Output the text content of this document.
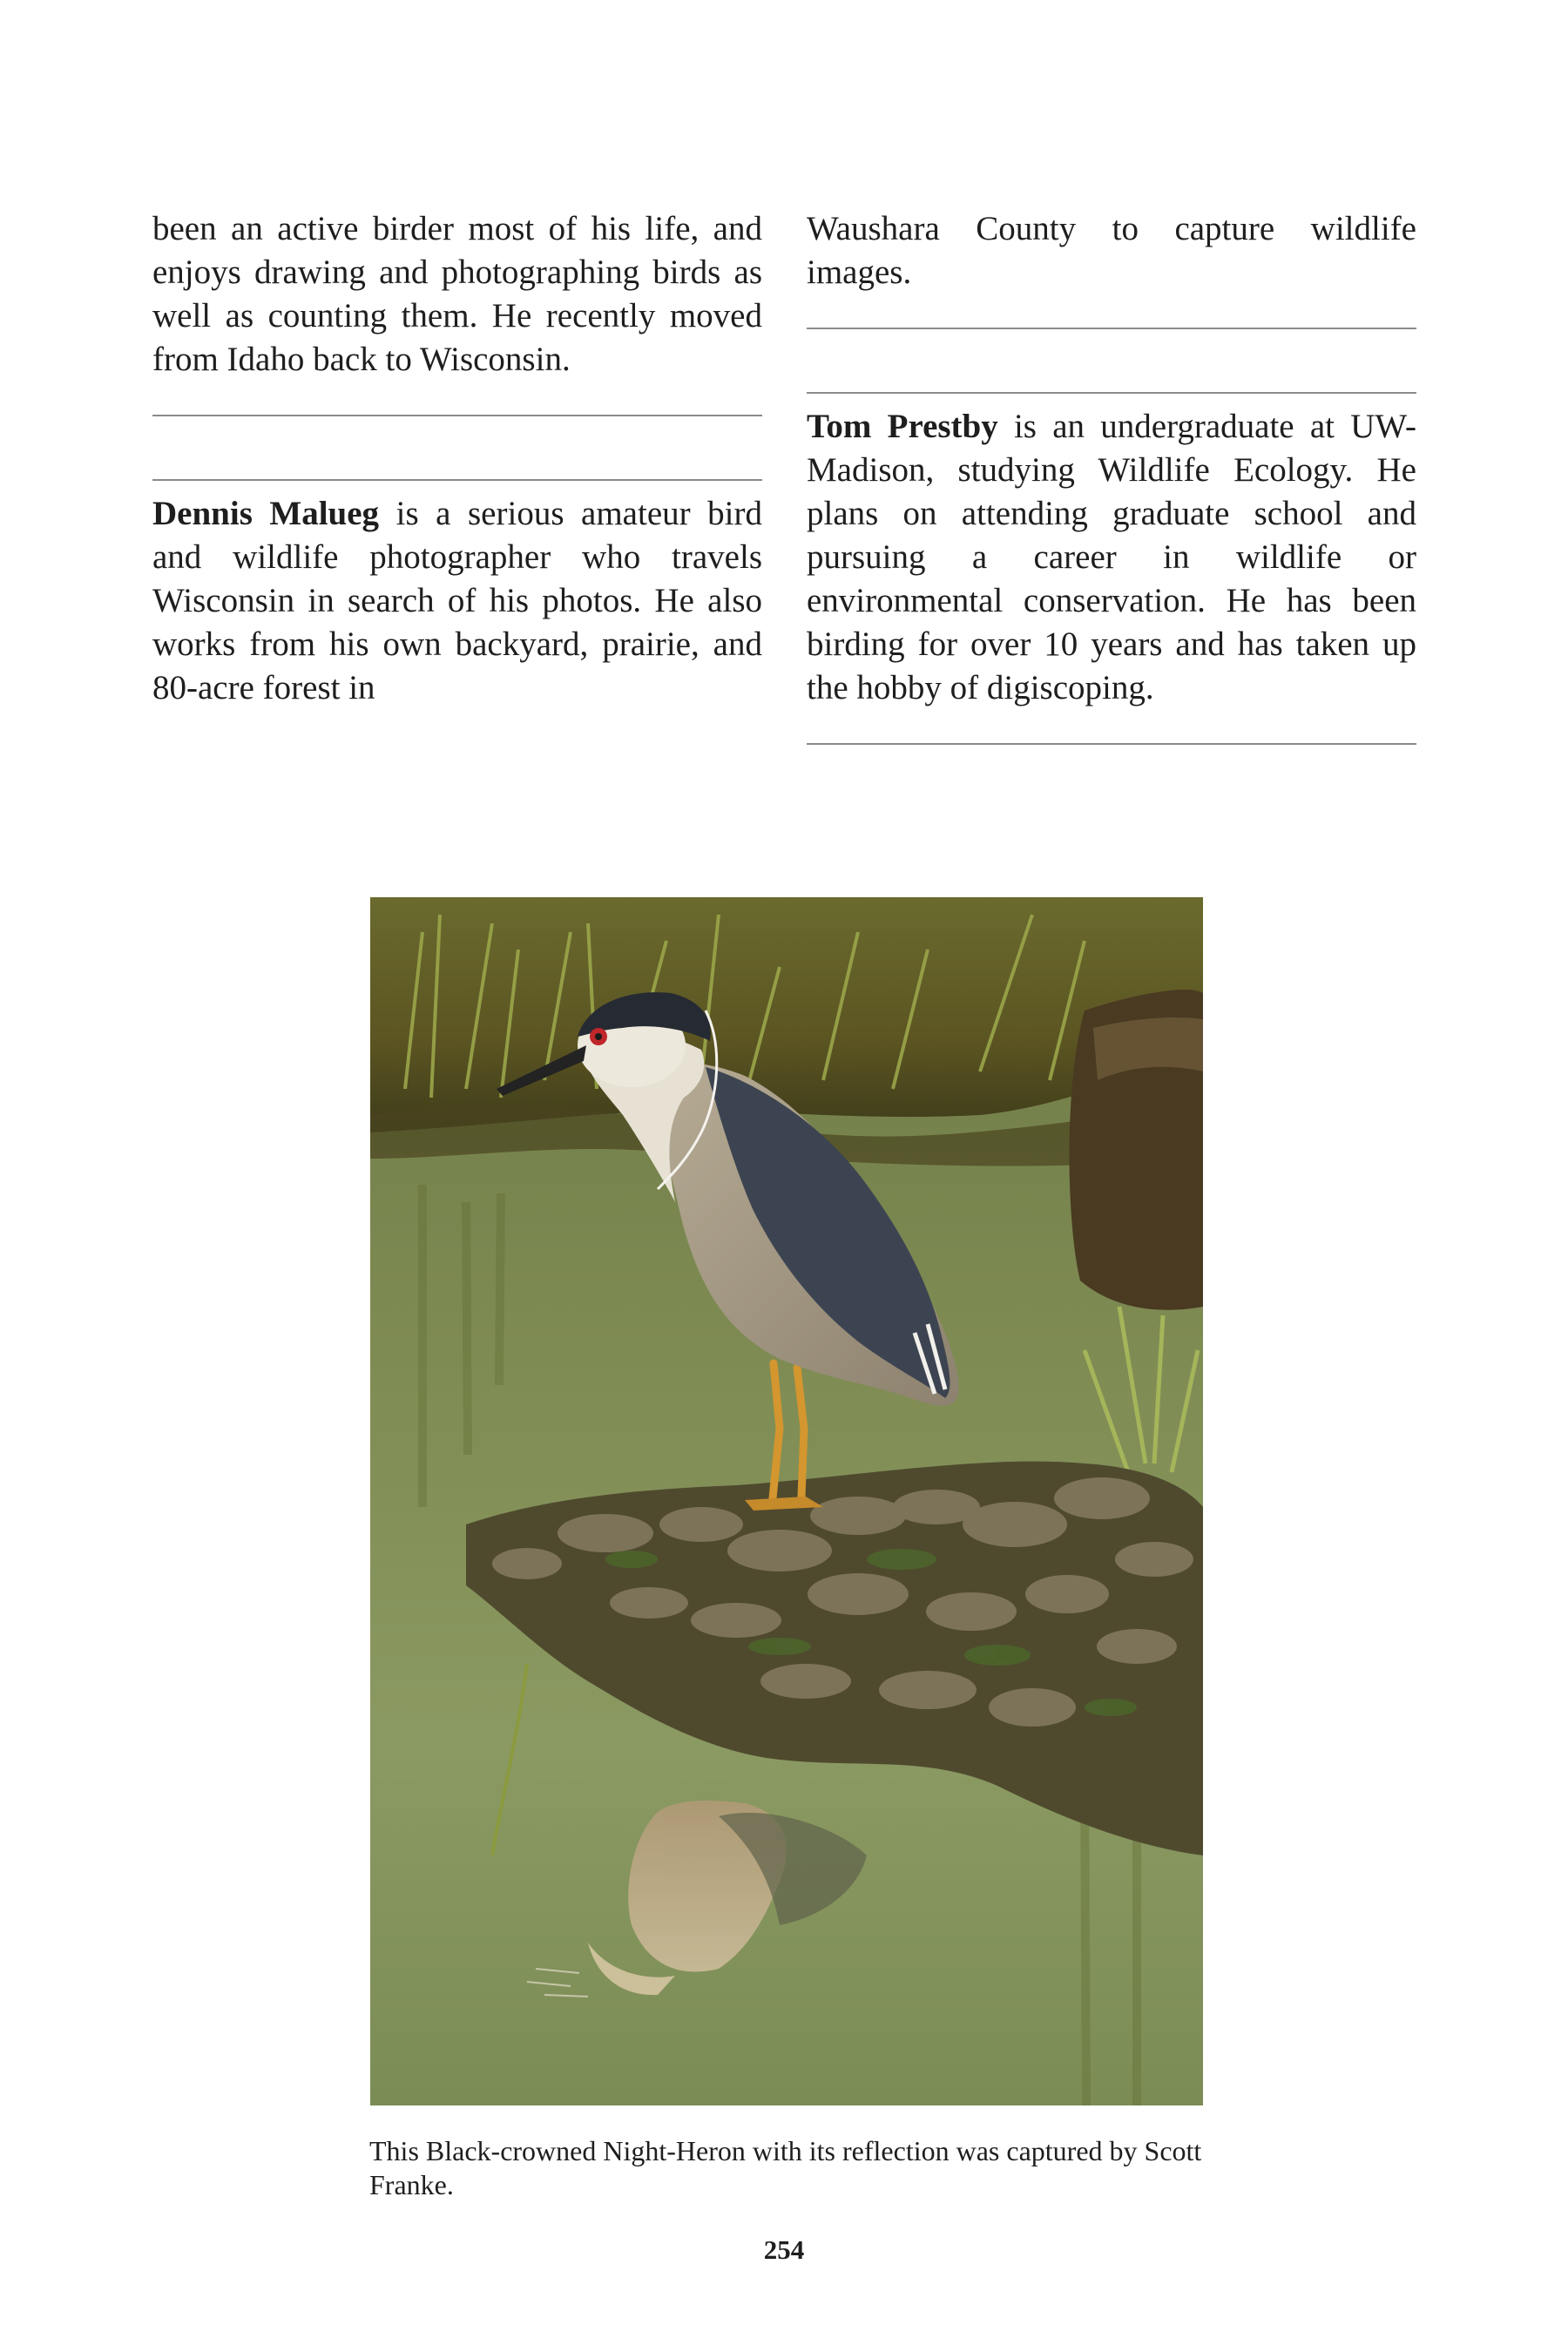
been an active birder most of his life, and enjoys drawing and photographing birds as well as counting them. He recently moved from Idaho back to Wisconsin.

Dennis Malueg is a serious amateur bird and wildlife photographer who travels Wisconsin in search of his photos. He also works from his own backyard, prairie, and 80-acre forest in

Waushara County to capture wildlife images.

Tom Prestby is an undergraduate at UW-Madison, studying Wildlife Ecology. He plans on attending graduate school and pursuing a career in wildlife or environmental conservation. He has been birding for over 10 years and has taken up the hobby of digiscoping.

This Black-crowned Night-Heron with its reflection was captured by Scott Franke.

254
